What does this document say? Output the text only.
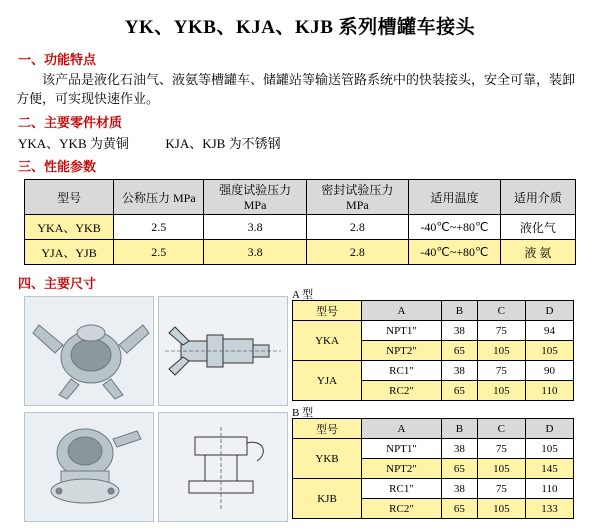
YK、YKB、KJA、KJB 系列槽罐车接头
一、功能特点
该产品是液化石油气、液氨等槽罐车、储罐站等输送管路系统中的快装接头，安全可靠，装卸方便，可实现快速作业。
二、主要零件材质
YKA、YKB 为黄铜	KJA、KJB 为不锈钢
三、性能参数
型号	公称压力 MPa	强度试验压力 MPa	密封试验压力 MPa	适用温度	适用介质
YKA、YKB	2.5	3.8	2.8	-40℃~+80℃	液化气
YJA、YJB	2.5	3.8	2.8	-40℃~+80℃	液 氨
四、主要尺寸
A 型
B 型
型号	A	B	C	D
YKA	NPT1"	38	75	94
	NPT2"	65	105	105
YJA	RC1"	38	75	90
	RC2"	65	105	110
型号	A	B	C	D
YKB	NPT1"	38	75	105
	NPT2"	65	105	145
KJB	RC1"	38	75	110
	RC2"	65	105	133
